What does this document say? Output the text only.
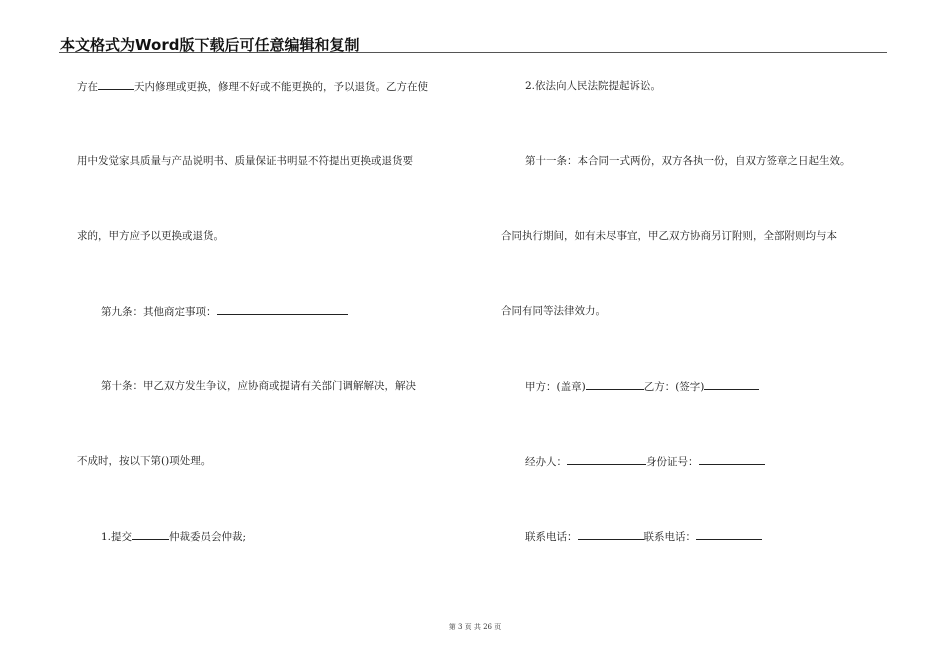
本文格式为Word版下载后可任意编辑和复制
方在	天内修理或更换，修理不好或不能更换的，予以退货。乙方在使
用中发觉家具质量与产品说明书、质量保证书明显不符提出更换或退货要
求的，甲方应予以更换或退货。
第九条：其他商定事项：
第十条：甲乙双方发生争议，应协商或提请有关部门调解解决，解决
不成时，按以下第()项处理。
1.提交	仲裁委员会仲裁;
2.依法向人民法院提起诉讼。
第十一条：本合同一式两份，双方各执一份，自双方签章之日起生效。
合同执行期间，如有未尽事宜，甲乙双方协商另订附则，全部附则均与本
合同有同等法律效力。
甲方：(盖章)	乙方：(签字)
经办人：	身份证号：
联系电话：	联系电话：
第 3 页 共 26 页
